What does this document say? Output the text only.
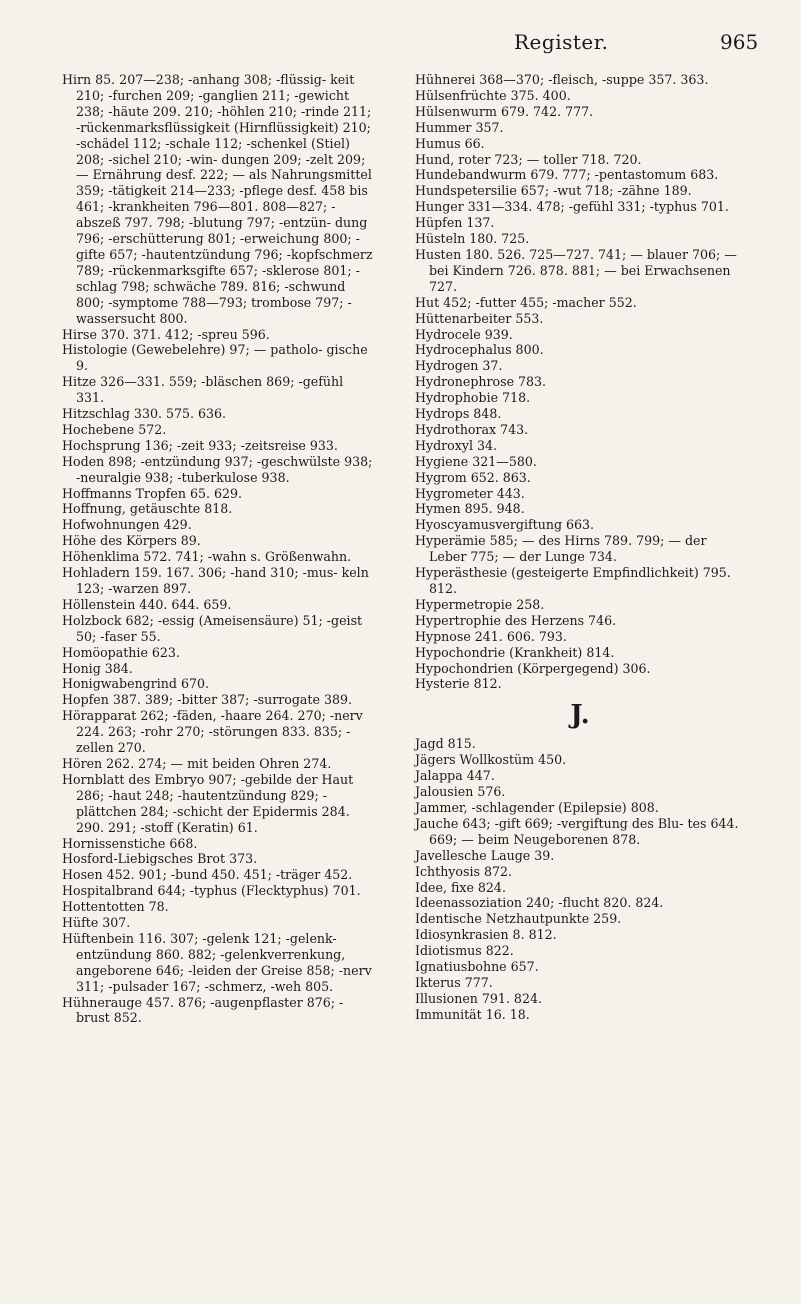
Register.	965

Hirn 85. 207—238; -anhang 308; -flüssig- keit 210; -furchen 209; -ganglien 211; -gewicht 238; -häute 209. 210; -höhlen 210; -rinde 211; -rückenmarksflüssigkeit (Hirnflüssigkeit) 210; -schädel 112; -schale 112; -schenkel (Stiel) 208; -sichel 210; -win- dungen 209; -zelt 209; — Ernährung desf. 222; — als Nahrungsmittel 359; -tätigkeit 214—233; -pflege desf. 458 bis 461; -krankheiten 796—801. 808—827; -abszeß 797. 798; -blutung 797; -entzün- dung 796; -erschütterung 801; -erweichung 800; -gifte 657; -hautentzündung 796; -kopfschmerz 789; -rückenmarksgifte 657; -sklerose 801; -schlag 798; schwäche 789. 816; -schwund 800; -symptome 788—793; trombose 797; -wassersucht 800.

Hirse 370. 371. 412; -spreu 596.

Histologie (Gewebelehre) 97; — patholo- gische 9.

Hitze 326—331. 559; -bläschen 869; -gefühl 331.

Hitzschlag 330. 575. 636.

Hochebene 572.

Hochsprung 136; -zeit 933; -zeitsreise 933.

Hoden 898; -entzündung 937; -geschwülste 938; -neuralgie 938; -tuberkulose 938.

Hoffmanns Tropfen 65. 629.

Hoffnung, getäuschte 818.

Hofwohnungen 429.

Höhe des Körpers 89.

Höhenklima 572. 741; -wahn s. Größenwahn.

Hohladern 159. 167. 306; -hand 310; -mus- keln 123; -warzen 897.

Höllenstein 440. 644. 659.

Holzbock 682; -essig (Ameisensäure) 51; -geist 50; -faser 55.

Homöopathie 623.

Honig 384.

Honigwabengrind 670.

Hopfen 387. 389; -bitter 387; -surrogate 389.

Hörapparat 262; -fäden, -haare 264. 270; -nerv 224. 263; -rohr 270; -störungen 833. 835; -zellen 270.

Hören 262. 274; — mit beiden Ohren 274.

Hornblatt des Embryo 907; -gebilde der Haut 286; -haut 248; -hautentzündung 829; -plättchen 284; -schicht der Epidermis 284. 290. 291; -stoff (Keratin) 61.

Hornissenstiche 668.

Hosford-Liebigsches Brot 373.

Hosen 452. 901; -bund 450. 451; -träger 452.

Hospitalbrand 644; -typhus (Flecktyphus) 701.

Hottentotten 78.

Hüfte 307.

Hüftenbein 116. 307; -gelenk 121; -gelenk- entzündung 860. 882; -gelenkverrenkung, angeborene 646; -leiden der Greise 858; -nerv 311; -pulsader 167; -schmerz, -weh 805.

Hühnerauge 457. 876; -augenpflaster 876; -brust 852.

Hühnerei 368—370; -fleisch, -suppe 357. 363.

Hülsenfrüchte 375. 400.

Hülsenwurm 679. 742. 777.

Hummer 357.

Humus 66.

Hund, roter 723; — toller 718. 720.

Hundebandwurm 679. 777; -pentastomum 683.

Hundspetersilie 657; -wut 718; -zähne 189.

Hunger 331—334. 478; -gefühl 331; -typhus 701.

Hüpfen 137.

Hüsteln 180. 725.

Husten 180. 526. 725—727. 741; — blauer 706; — bei Kindern 726. 878. 881; — bei Erwachsenen 727.

Hut 452; -futter 455; -macher 552.

Hüttenarbeiter 553.

Hydrocele 939.

Hydrocephalus 800.

Hydrogen 37.

Hydronephrose 783.

Hydrophobie 718.

Hydrops 848.

Hydrothorax 743.

Hydroxyl 34.

Hygiene 321—580.

Hygrom 652. 863.

Hygrometer 443.

Hymen 895. 948.

Hyoscyamusvergiftung 663.

Hyperämie 585; — des Hirns 789. 799; — der Leber 775; — der Lunge 734.

Hyperästhesie (gesteigerte Empfindlichkeit) 795. 812.

Hypermetropie 258.

Hypertrophie des Herzens 746.

Hypnose 241. 606. 793.

Hypochondrie (Krankheit) 814.

Hypochondrien (Körpergegend) 306.

Hysterie 812.

J.

Jagd 815.

Jägers Wollkostüm 450.

Jalappa 447.

Jalousien 576.

Jammer, -schlagender (Epilepsie) 808.

Jauche 643; -gift 669; -vergiftung des Blu- tes 644. 669; — beim Neugeborenen 878.

Javellesche Lauge 39.

Ichthyosis 872.

Idee, fixe 824.

Ideenassoziation 240; -flucht 820. 824.

Identische Netzhautpunkte 259.

Idiosynkrasien 8. 812.

Idiotismus 822.

Ignatiusbohne 657.

Ikterus 777.

Illusionen 791. 824.

Immunität 16. 18.
